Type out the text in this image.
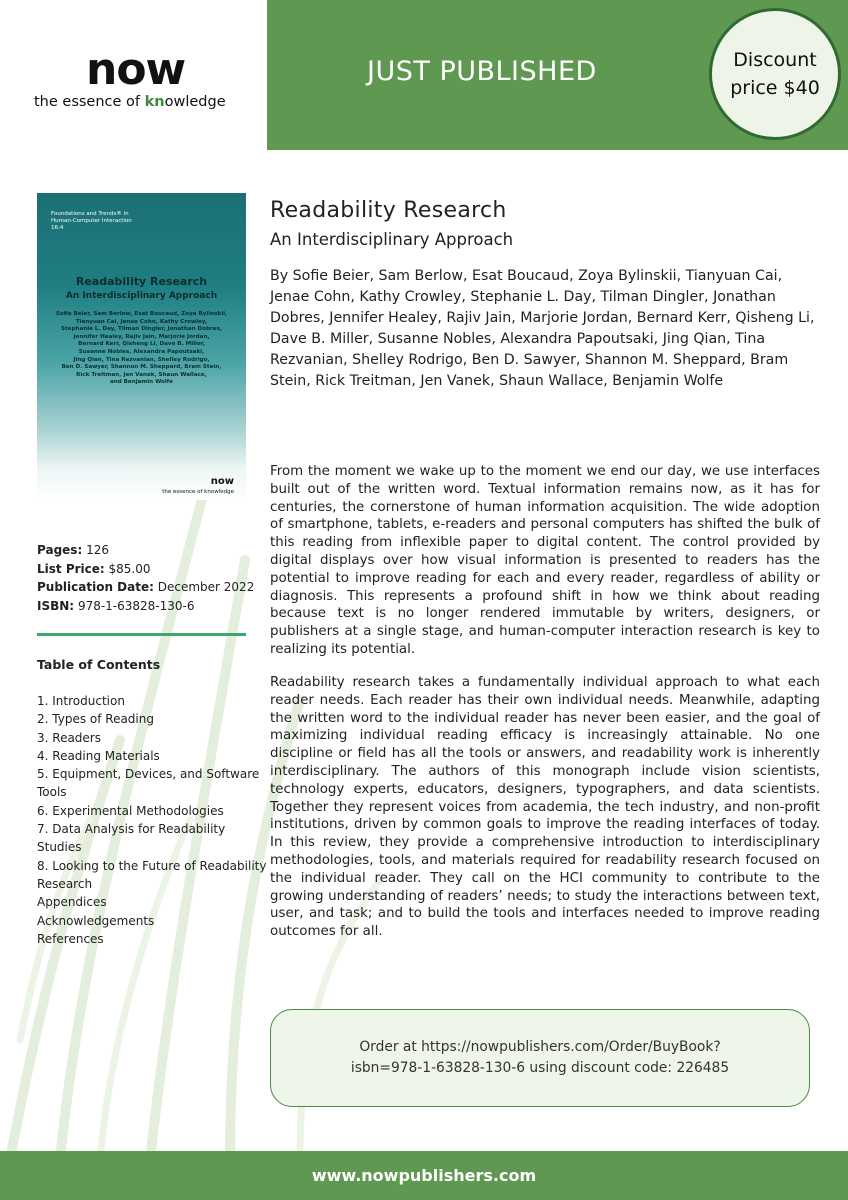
now
the essence of knowledge
JUST PUBLISHED	Discount
price $40
Foundations and Trends® in
Human-Computer Interaction
16:4
Readability Research
An Interdisciplinary Approach
Sofie Beier, Sam Berlow, Esat Boucaud, Zoya Bylinskii,
Tianyuan Cai, Jenae Cohn, Kathy Crowley,
Stephanie L. Day, Tilman Dingler, Jonathan Dobres,
Jennifer Healey, Rajiv Jain, Marjorie Jordan,
Bernard Kerr, Qisheng Li, Dave B. Miller,
Susanne Nobles, Alexandra Papoutsaki,
Jing Qian, Tina Rezvanian, Shelley Rodrigo,
Ben D. Sawyer, Shannon M. Sheppard, Bram Stein,
Rick Treitman, Jen Vanek, Shaun Wallace,
and Benjamin Wolfe
now
the essence of knowledge
Pages: 126
List Price: $85.00
Publication Date: December 2022
ISBN: 978-1-63828-130-6
Table of Contents
1. Introduction
2. Types of Reading
3. Readers
4. Reading Materials
5. Equipment, Devices, and Software Tools
6. Experimental Methodologies
7. Data Analysis for Readability Studies
8. Looking to the Future of Readability Research
Appendices
Acknowledgements
References
Readability Research
An Interdisciplinary Approach
By Sofie Beier, Sam Berlow, Esat Boucaud, Zoya Bylinskii, Tianyuan Cai, Jenae Cohn, Kathy Crowley, Stephanie L. Day, Tilman Dingler, Jonathan Dobres, Jennifer Healey, Rajiv Jain, Marjorie Jordan, Bernard Kerr, Qisheng Li, Dave B. Miller, Susanne Nobles, Alexandra Papoutsaki, Jing Qian, Tina Rezvanian, Shelley Rodrigo, Ben D. Sawyer, Shannon M. Sheppard, Bram Stein, Rick Treitman, Jen Vanek, Shaun Wallace, Benjamin Wolfe

From the moment we wake up to the moment we end our day, we use interfaces built out of the written word. Textual information remains now, as it has for centuries, the cornerstone of human information acquisition. The wide adoption of smartphone, tablets, e-readers and personal computers has shifted the bulk of this reading from inflexible paper to digital content. The control provided by digital displays over how visual information is presented to readers has the potential to improve reading for each and every reader, regardless of ability or diagnosis. This represents a profound shift in how we think about reading because text is no longer rendered immutable by writers, designers, or publishers at a single stage, and human-computer interaction research is key to realizing its potential.

Readability research takes a fundamentally individual approach to what each reader needs. Each reader has their own individual needs. Meanwhile, adapting the written word to the individual reader has never been easier, and the goal of maximizing individual reading efficacy is increasingly attainable. No one discipline or field has all the tools or answers, and readability work is inherently interdisciplinary. The authors of this monograph include vision scientists, technology experts, educators, designers, typographers, and data scientists. Together they represent voices from academia, the tech industry, and non-profit institutions, driven by common goals to improve the reading interfaces of today. In this review, they provide a comprehensive introduction to interdisciplinary methodologies, tools, and materials required for readability research focused on the individual reader. They call on the HCI community to contribute to the growing understanding of readers’ needs; to study the interactions between text, user, and task; and to build the tools and interfaces needed to improve reading outcomes for all.

Order at https://nowpublishers.com/Order/BuyBook?
isbn=978-1-63828-130-6 using discount code: 226485
www.nowpublishers.com
